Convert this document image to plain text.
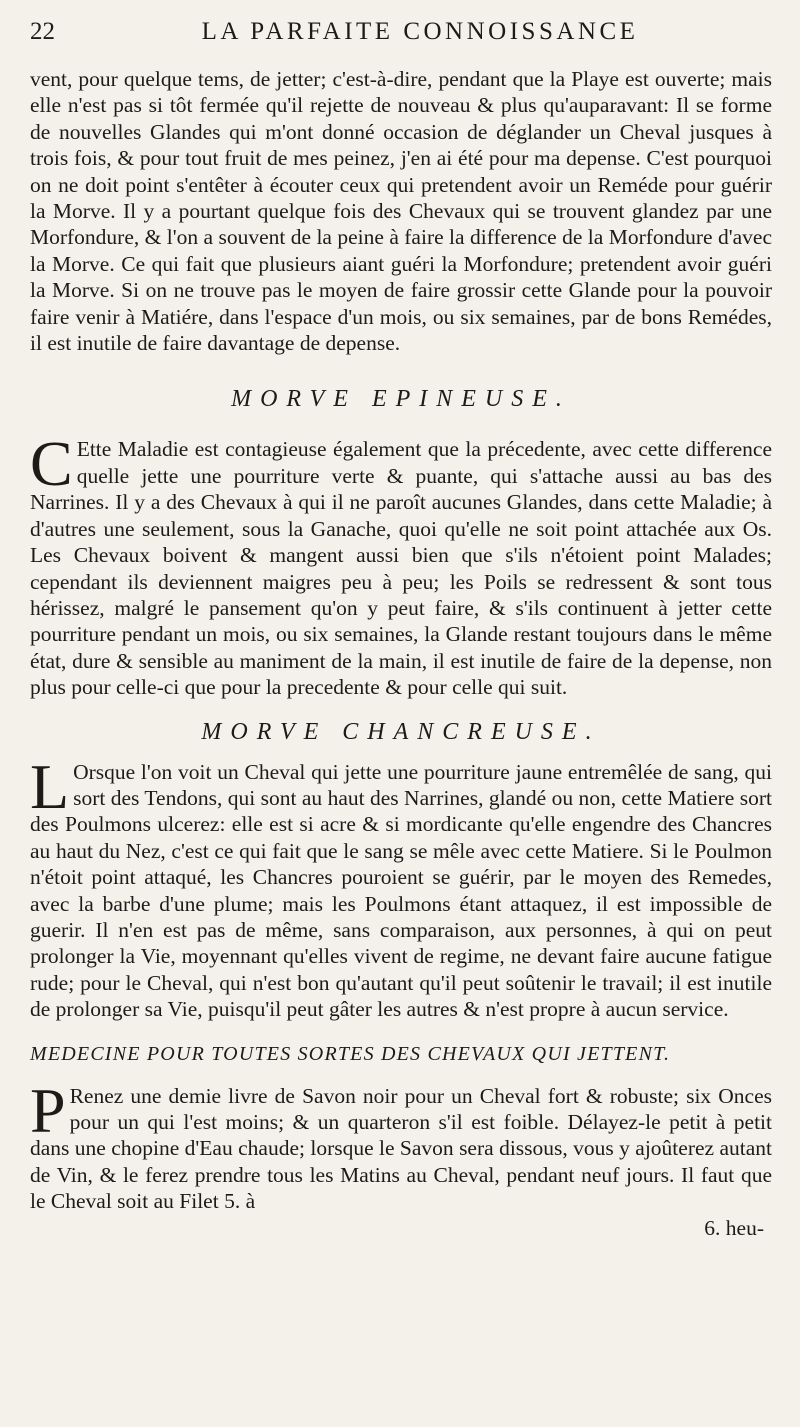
22	LA PARFAITE CONNOISSANCE

vent, pour quelque tems, de jetter; c'est-à-dire, pendant que la Playe est ouverte; mais elle n'est pas si tôt fermée qu'il rejette de nouveau & plus qu'auparavant: Il se forme de nouvelles Glandes qui m'ont donné occasion de déglander un Cheval jusques à trois fois, & pour tout fruit de mes peinez, j'en ai été pour ma depense. C'est pourquoi on ne doit point s'entêter à écouter ceux qui pretendent avoir un Reméde pour guérir la Morve. Il y a pourtant quelque fois des Chevaux qui se trouvent glandez par une Morfondure, & l'on a souvent de la peine à faire la difference de la Morfondure d'avec la Morve. Ce qui fait que plusieurs aiant guéri la Morfondure; pretendent avoir guéri la Morve. Si on ne trouve pas le moyen de faire grossir cette Glande pour la pouvoir faire venir à Matiére, dans l'espace d'un mois, ou six semaines, par de bons Remédes, il est inutile de faire davantage de depense.

MORVE EPINEUSE.

C Ette Maladie est contagieuse également que la précedente, avec cette difference quelle jette une pourriture verte & puante, qui s'attache aussi au bas des Narrines. Il y a des Chevaux à qui il ne paroît aucunes Glandes, dans cette Maladie; à d'autres une seulement, sous la Ganache, quoi qu'elle ne soit point attachée aux Os. Les Chevaux boivent & mangent aussi bien que s'ils n'étoient point Malades; cependant ils deviennent maigres peu à peu; les Poils se redressent & sont tous hérissez, malgré le pansement qu'on y peut faire, & s'ils continuent à jetter cette pourriture pendant un mois, ou six semaines, la Glande restant toujours dans le même état, dure & sensible au maniment de la main, il est inutile de faire de la depense, non plus pour celle-ci que pour la precedente & pour celle qui suit.

MORVE CHANCREUSE.

L Orsque l'on voit un Cheval qui jette une pourriture jaune entremêlée de sang, qui sort des Tendons, qui sont au haut des Narrines, glandé ou non, cette Matiere sort des Poulmons ulcerez: elle est si acre & si mordicante qu'elle engendre des Chancres au haut du Nez, c'est ce qui fait que le sang se mêle avec cette Matiere. Si le Poulmon n'étoit point attaqué, les Chancres pouroient se guérir, par le moyen des Remedes, avec la barbe d'une plume; mais les Poulmons étant attaquez, il est impossible de guerir. Il n'en est pas de même, sans comparaison, aux personnes, à qui on peut prolonger la Vie, moyennant qu'elles vivent de regime, ne devant faire aucune fatigue rude; pour le Cheval, qui n'est bon qu'autant qu'il peut soûtenir le travail; il est inutile de prolonger sa Vie, puisqu'il peut gâter les autres & n'est propre à aucun service.

MEDECINE POUR TOUTES SORTES DES CHEVAUX QUI JETTENT.

P Renez une demie livre de Savon noir pour un Cheval fort & robuste; six Onces pour un qui l'est moins; & un quarteron s'il est foible. Délayez-le petit à petit dans une chopine d'Eau chaude; lorsque le Savon sera dissous, vous y ajoûterez autant de Vin, & le ferez prendre tous les Matins au Cheval, pendant neuf jours. Il faut que le Cheval soit au Filet 5. à

6. heu-
